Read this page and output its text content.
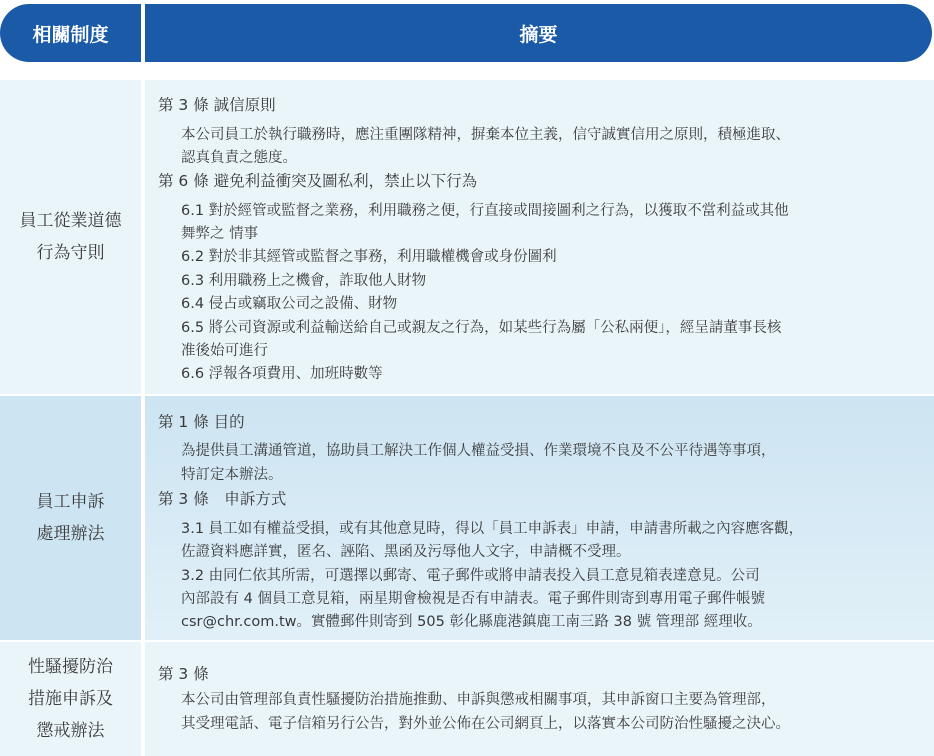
相關制度	摘要
員工從業道德
行為守則
第 3 條 誠信原則
本公司員工於執行職務時，應注重團隊精神，摒棄本位主義，信守誠實信用之原則，積極進取、
認真負責之態度。
第 6 條 避免利益衝突及圖私利，禁止以下行為
6.1 對於經管或監督之業務，利用職務之便，行直接或間接圖利之行為，以獲取不當利益或其他
舞弊之 情事
6.2 對於非其經管或監督之事務，利用職權機會或身份圖利
6.3 利用職務上之機會，詐取他人財物
6.4 侵占或竊取公司之設備、財物
6.5 將公司資源或利益輸送給自己或親友之行為，如某些行為屬「公私兩便」，經呈請董事長核
准後始可進行
6.6 浮報各項費用、加班時數等
員工申訴
處理辦法
第 1 條 目的
為提供員工溝通管道，協助員工解決工作個人權益受損、作業環境不良及不公平待遇等事項，
特訂定本辦法。
第 3 條　申訴方式
3.1 員工如有權益受損，或有其他意見時，得以「員工申訴表」申請，申請書所載之內容應客觀，
佐證資料應詳實，匿名、誣陷、黑函及污辱他人文字，申請概不受理。
3.2 由同仁依其所需，可選擇以郵寄、電子郵件或將申請表投入員工意見箱表達意見。公司
內部設有 4 個員工意見箱，兩星期會檢視是否有申請表。電子郵件則寄到專用電子郵件帳號
csr@chr.com.tw。實體郵件則寄到 505 彰化縣鹿港鎮鹿工南三路 38 號 管理部 經理收。
性騷擾防治
措施申訴及
懲戒辦法
第 3 條
本公司由管理部負責性騷擾防治措施推動、申訴與懲戒相關事項，其申訴窗口主要為管理部，
其受理電話、電子信箱另行公告，對外並公佈在公司網頁上，以落實本公司防治性騷擾之決心。
